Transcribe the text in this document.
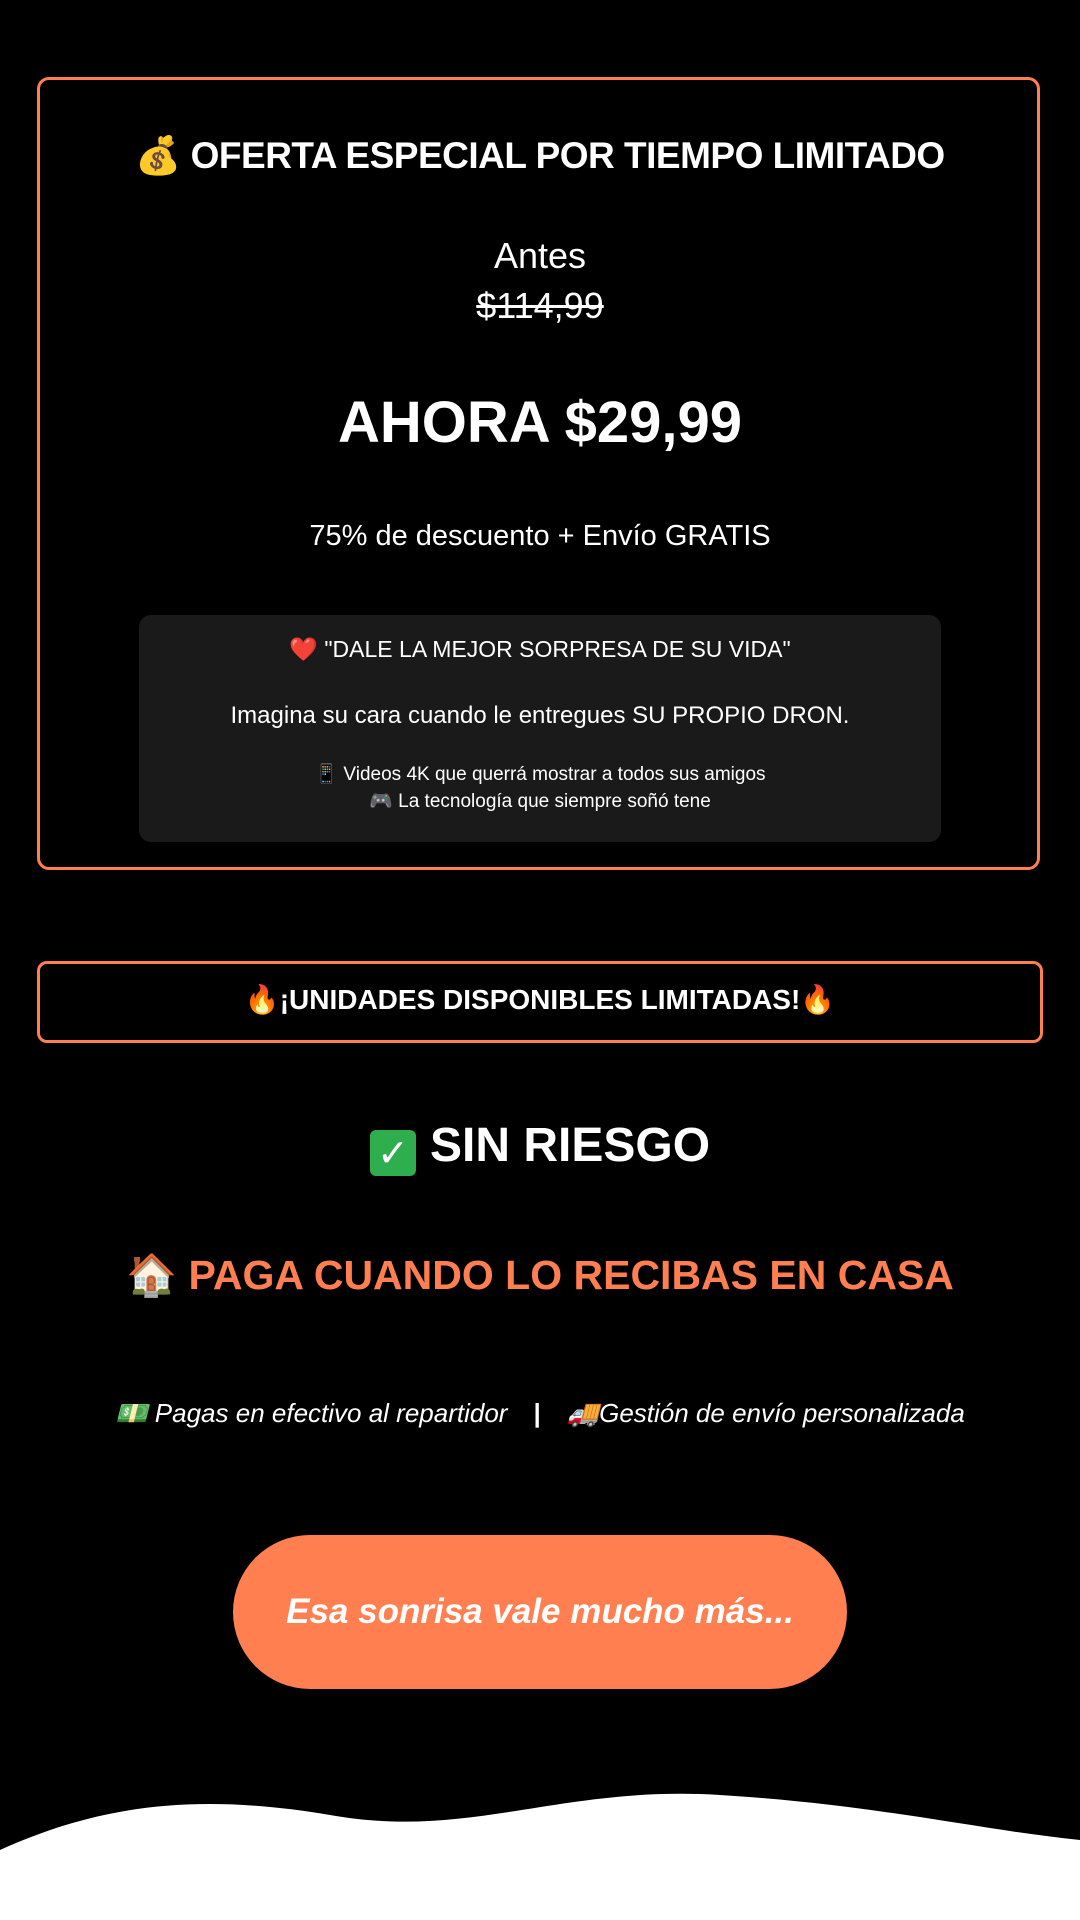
💰 OFERTA ESPECIAL POR TIEMPO LIMITADO
Antes
$114,99
AHORA $29,99
75% de descuento + Envío GRATIS
❤️ "DALE LA MEJOR SORPRESA DE SU VIDA"
Imagina su cara cuando le entregues SU PROPIO DRON.
📱 Videos 4K que querrá mostrar a todos sus amigos
🎮 La tecnología que siempre soñó tene
🔥¡UNIDADES DISPONIBLES LIMITADAS!🔥
✓ SIN RIESGO
🏠 PAGA CUANDO LO RECIBAS EN CASA
💵 Pagas en efectivo al repartidor | 🚚Gestión de envío personalizada
Esa sonrisa vale mucho más...
